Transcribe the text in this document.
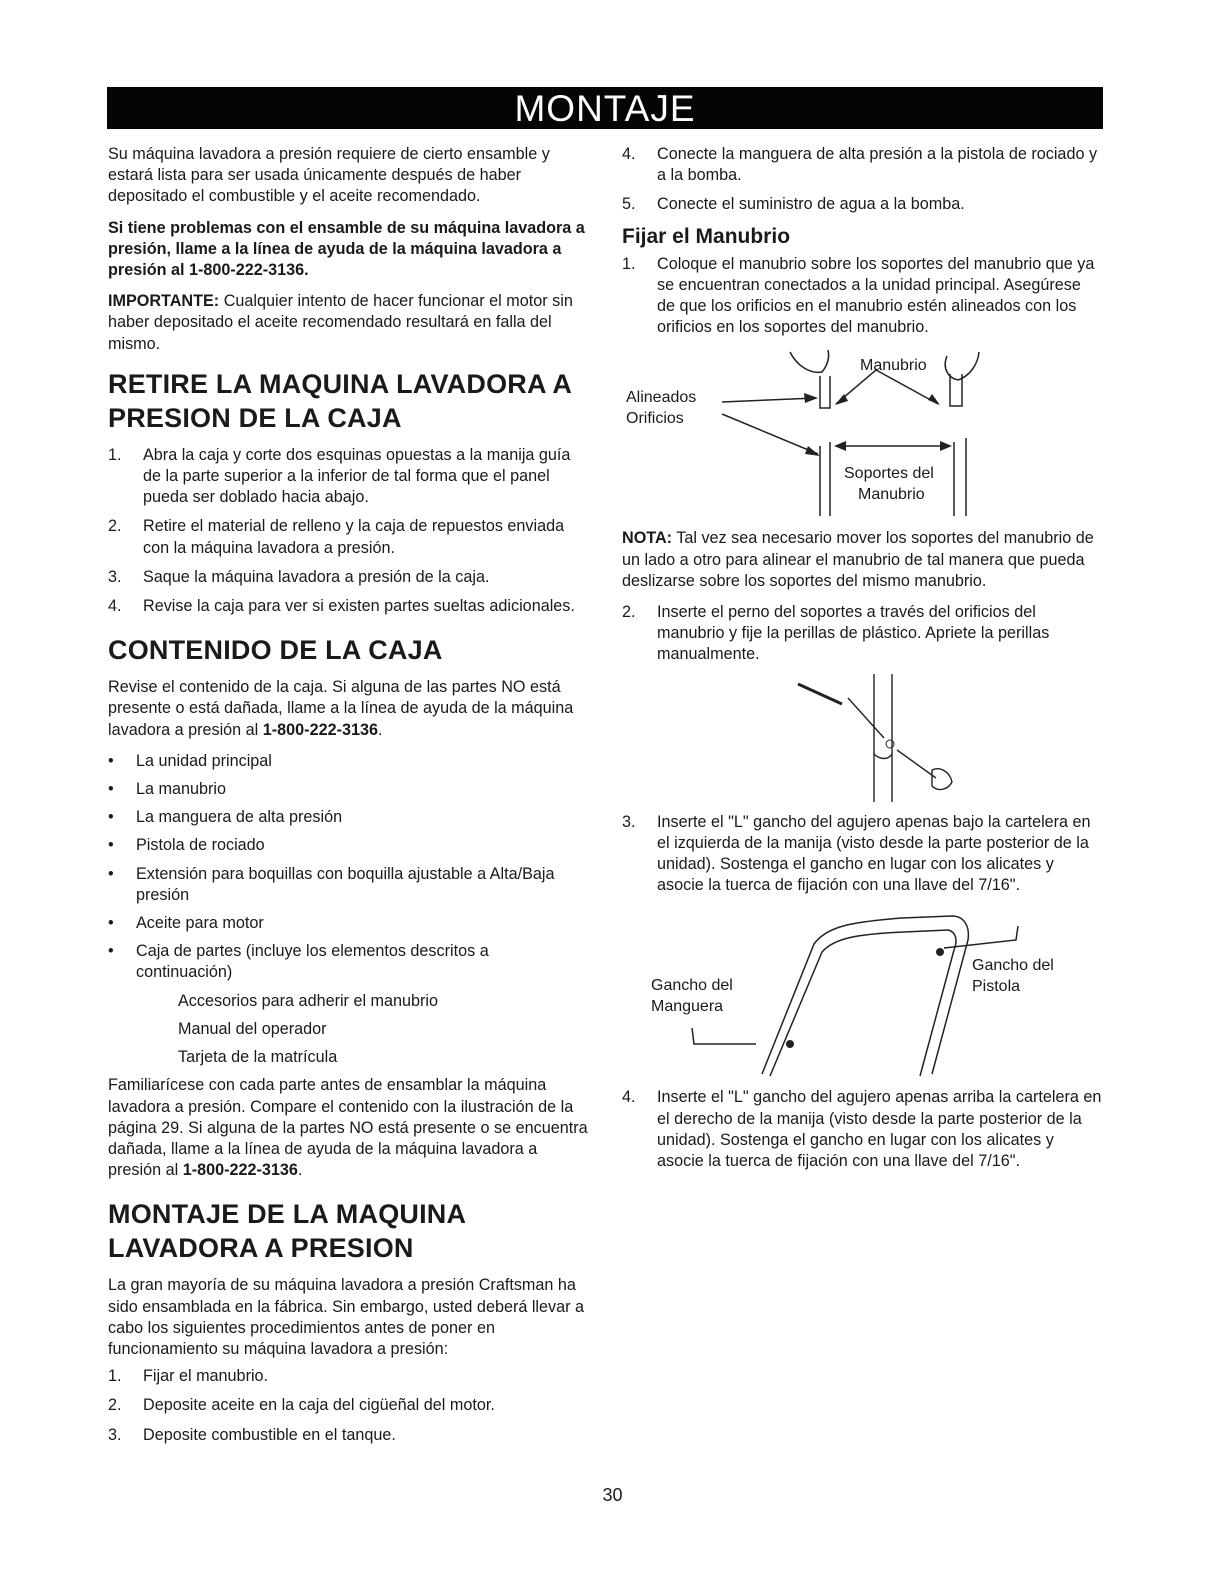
MONTAJE

Su máquina lavadora a presión requiere de cierto ensamble y estará lista para ser usada únicamente después de haber depositado el combustible y el aceite recomendado.

Si tiene problemas con el ensamble de su máquina lavadora a presión, llame a la línea de ayuda de la máquina lavadora a presión al 1-800-222-3136.

IMPORTANTE: Cualquier intento de hacer funcionar el motor sin haber depositado el aceite recomendado resultará en falla del mismo.

RETIRE LA MAQUINA LAVADORA A PRESION DE LA CAJA
1. Abra la caja y corte dos esquinas opuestas a la manija guía de la parte superior a la inferior de tal forma que el panel pueda ser doblado hacia abajo.
2. Retire el material de relleno y la caja de repuestos enviada con la máquina lavadora a presión.
3. Saque la máquina lavadora a presión de la caja.
4. Revise la caja para ver si existen partes sueltas adicionales.
CONTENIDO DE LA CAJA

Revise el contenido de la caja. Si alguna de las partes NO está presente o está dañada, llame a la línea de ayuda de la máquina lavadora a presión al 1-800-222-3136.

• La unidad principal
• La manubrio
• La manguera de alta presión
• Pistola de rociado
• Extensión para boquillas con boquilla ajustable a Alta/Baja presión
• Aceite para motor
• Caja de partes (incluye los elementos descritos a continuación)
Accesorios para adherir el manubrio
Manual del operador
Tarjeta de la matrícula

Familiarícese con cada parte antes de ensamblar la máquina lavadora a presión. Compare el contenido con la ilustración de la página 29. Si alguna de la partes NO está presente o se encuentra dañada, llame a la línea de ayuda de la máquina lavadora a presión al 1-800-222-3136.

MONTAJE DE LA MAQUINA LAVADORA A PRESION

La gran mayoría de su máquina lavadora a presión Craftsman ha sido ensamblada en la fábrica. Sin embargo, usted deberá llevar a cabo los siguientes procedimientos antes de poner en funcionamiento su máquina lavadora a presión:

1. Fijar el manubrio.
2. Deposite aceite en la caja del cigüeñal del motor.
3. Deposite combustible en el tanque.
4. Conecte la manguera de alta presión a la pistola de rociado y a la bomba.
5. Conecte el suministro de agua a la bomba.
Fijar el Manubrio
1. Coloque el manubrio sobre los soportes del manubrio que ya se encuentran conectados a la unidad principal. Asegúrese de que los orificios en el manubrio estén alineados con los orificios en los soportes del manubrio.
Manubrio
Alineados
Orificios
Soportes del
Manubrio

NOTA: Tal vez sea necesario mover los soportes del manubrio de un lado a otro para alinear el manubrio de tal manera que pueda deslizarse sobre los soportes del mismo manubrio.

2. Inserte el perno del soportes a través del orificios del manubrio y fije la perillas de plástico. Apriete la perillas manualmente.
3. Inserte el "L" gancho del agujero apenas bajo la cartelera en el izquierda de la manija (visto desde la parte posterior de la unidad). Sostenga el gancho en lugar con los alicates y asocie la tuerca de fijación con una llave del 7/16".
Gancho del
Manguera
Gancho del
Pistola
4. Inserte el "L" gancho del agujero apenas arriba la cartelera en el derecho de la manija (visto desde la parte posterior de la unidad). Sostenga el gancho en lugar con los alicates y asocie la tuerca de fijación con una llave del 7/16".
30
